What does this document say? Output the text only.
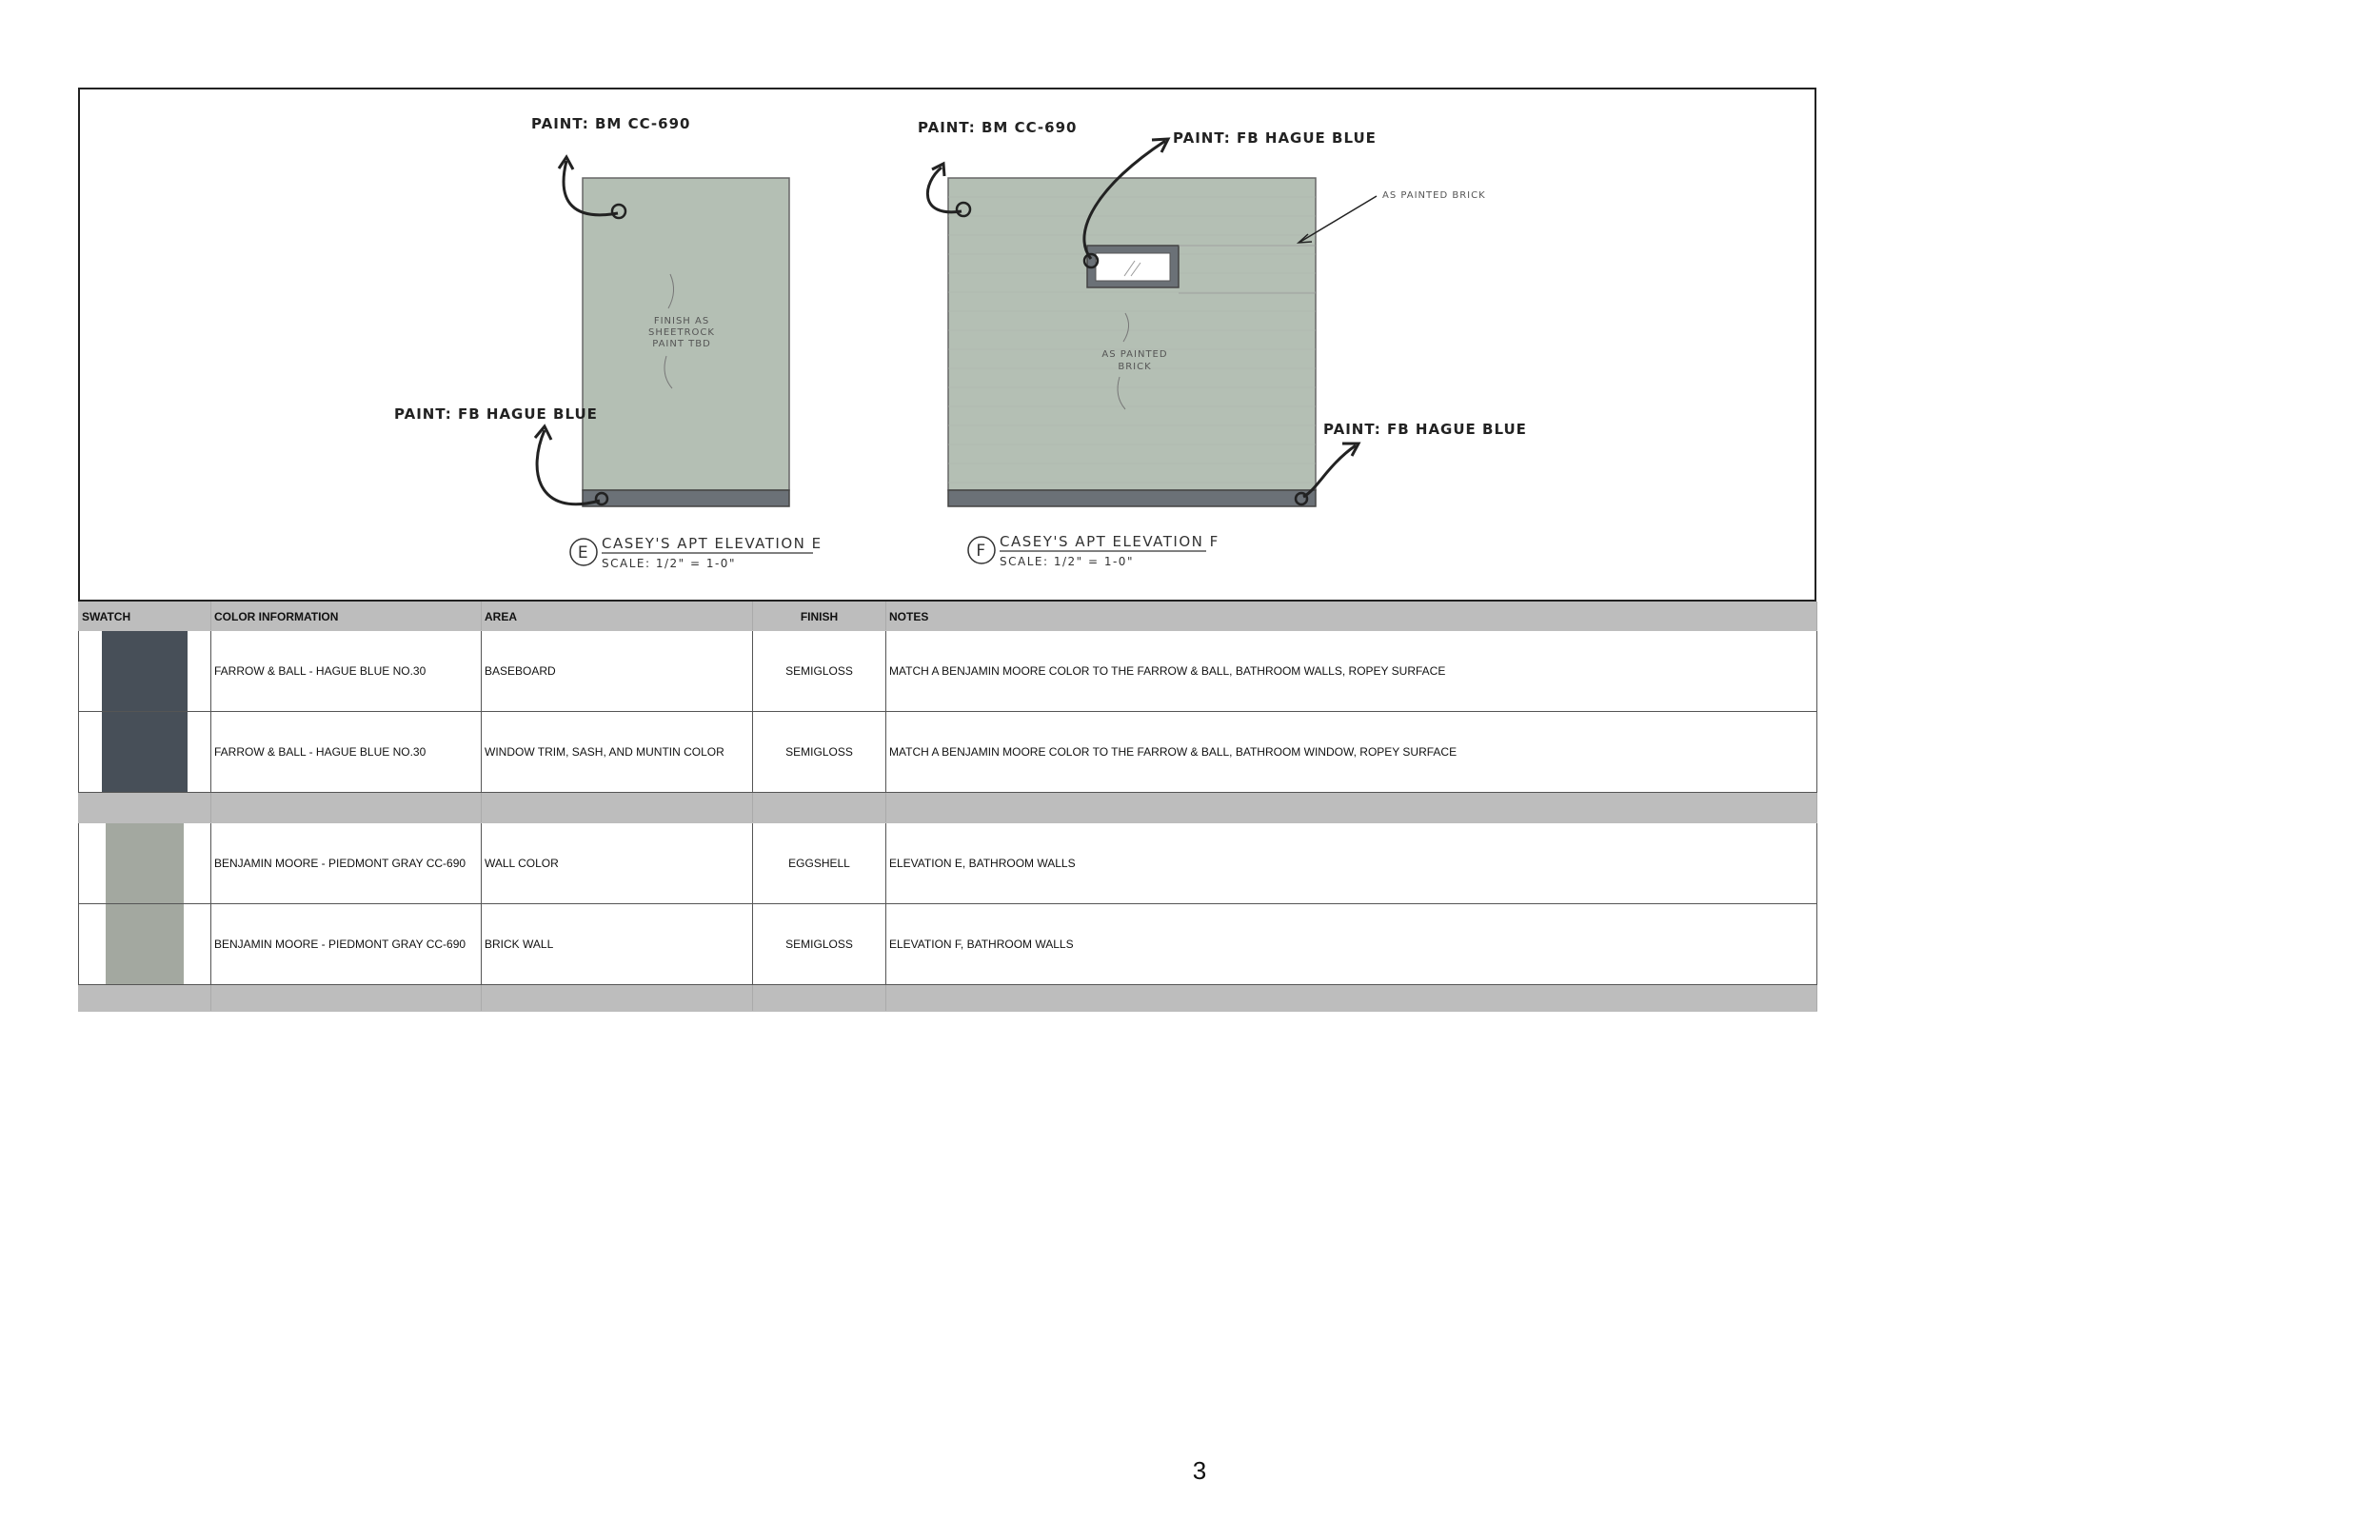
FINISH AS
SHEETROCK
PAINT TBD
PAINT: BM CC-690
PAINT: FB HAGUE BLUE
E CASEY'S APT ELEVATION E
SCALE: 1/2" = 1-0"
AS PAINTED
BRICK
PAINT: BM CC-690
PAINT: FB HAGUE BLUE
AS PAINTED BRICK
PAINT: FB HAGUE BLUE
F CASEY'S APT ELEVATION F
SCALE: 1/2" = 1-0"
SWATCH	COLOR INFORMATION	AREA	FINISH	NOTES

	FARROW & BALL - HAGUE BLUE NO.30	BASEBOARD	SEMIGLOSS	MATCH A BENJAMIN MOORE COLOR TO THE FARROW & BALL, BATHROOM WALLS, ROPEY SURFACE

	FARROW & BALL - HAGUE BLUE NO.30	WINDOW TRIM, SASH, AND MUNTIN COLOR	SEMIGLOSS	MATCH A BENJAMIN MOORE COLOR TO THE FARROW & BALL, BATHROOM WINDOW, ROPEY SURFACE

	BENJAMIN MOORE - PIEDMONT GRAY CC-690	WALL COLOR	EGGSHELL	ELEVATION E, BATHROOM WALLS

	BENJAMIN MOORE - PIEDMONT GRAY CC-690	BRICK WALL	SEMIGLOSS	ELEVATION F, BATHROOM WALLS

3
